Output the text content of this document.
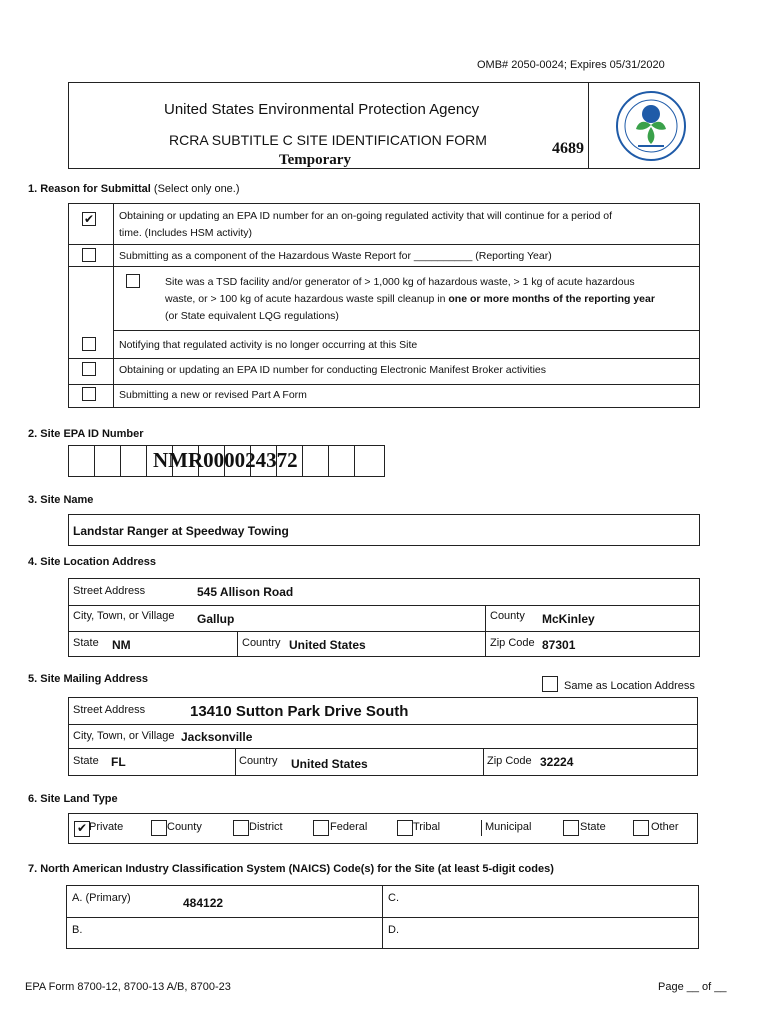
OMB# 2050-0024; Expires 05/31/2020
United States Environmental Protection Agency
RCRA SUBTITLE C SITE IDENTIFICATION FORM
Temporary
4689
1. Reason for Submittal (Select only one.)
✔ Obtaining or updating an EPA ID number for an on-going regulated activity that will continue for a period of
time. (Includes HSM activity)
Submitting as a component of the Hazardous Waste Report for __________ (Reporting Year)
Site was a TSD facility and/or generator of > 1,000 kg of hazardous waste, > 1 kg of acute hazardous
waste, or > 100 kg of acute hazardous waste spill cleanup in one or more months of the reporting year
(or State equivalent LQG regulations)
Notifying that regulated activity is no longer occurring at this Site
Obtaining or updating an EPA ID number for conducting Electronic Manifest Broker activities
Submitting a new or revised Part A Form
2. Site EPA ID Number
NMR000024372
3. Site Name
Landstar Ranger at Speedway Towing
4. Site Location Address
Street Address	545 Allison Road
City, Town, or Village Gallup	County McKinley
State NM	Country United States	Zip Code 87301
5. Site Mailing Address
Same as Location Address
Street Address	13410 Sutton Park Drive South
City, Town, or Village Jacksonville
State FL	Country United States	Zip Code 32224
6. Site Land Type
✔ Private	County	District	Federal	Tribal	Municipal	State	Other
7. North American Industry Classification System (NAICS) Code(s) for the Site (at least 5-digit codes)
A. (Primary)	484122	C.
B.	D.
EPA Form 8700-12, 8700-13 A/B, 8700-23	Page __ of __
